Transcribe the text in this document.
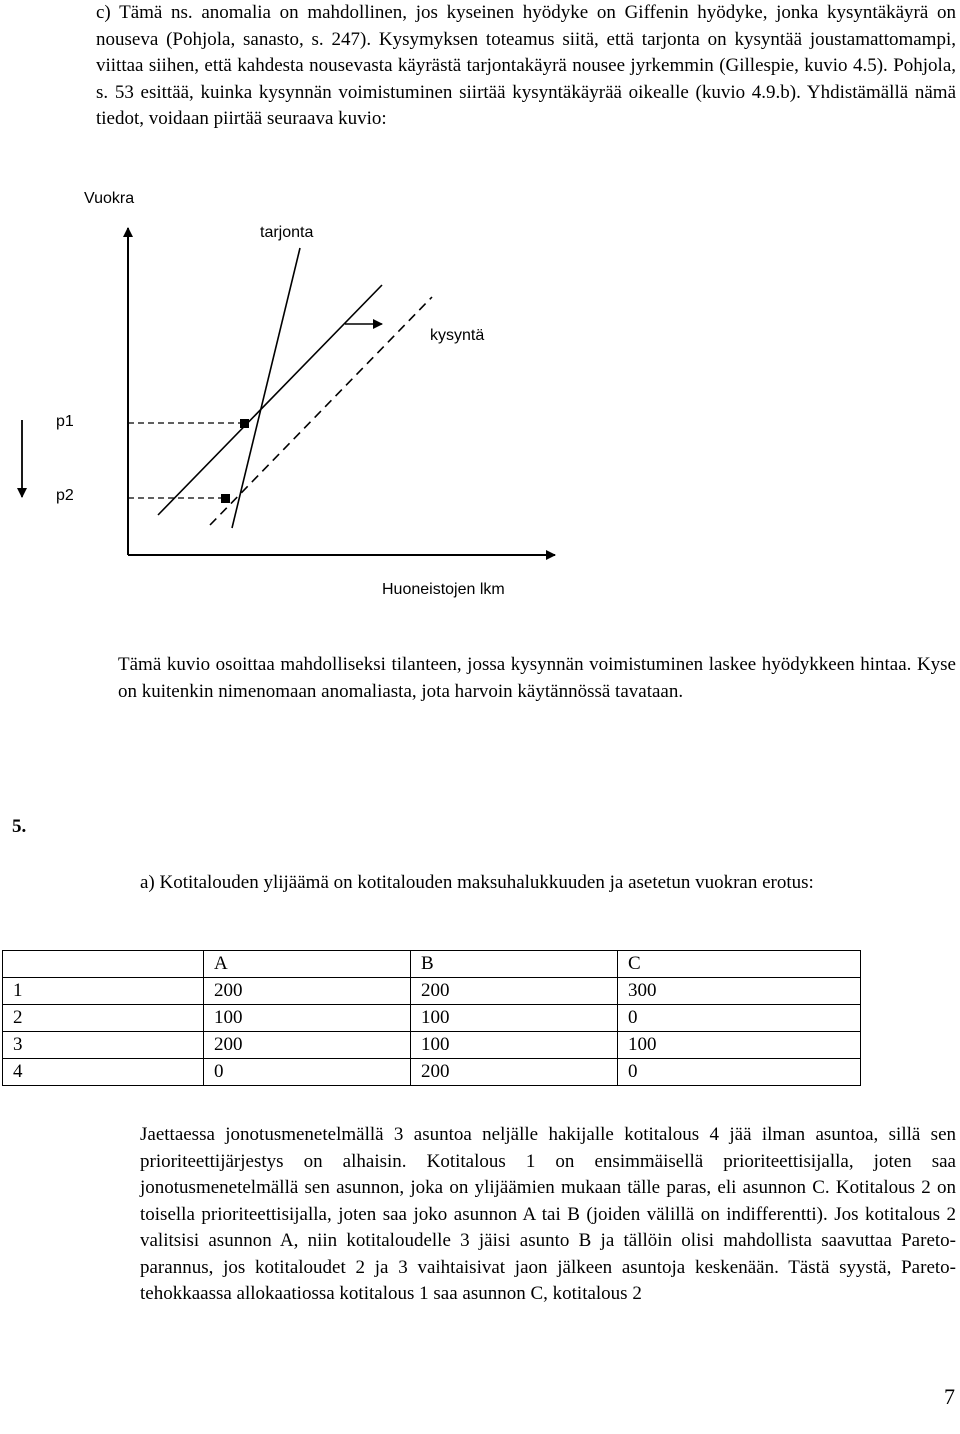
c) Tämä ns. anomalia on mahdollinen, jos kyseinen hyödyke on Giffenin hyödyke, jonka kysyntäkäyrä on nouseva (Pohjola, sanasto, s. 247). Kysymyksen toteamus siitä, että tarjonta on kysyntää joustamattomampi, viittaa siihen, että kahdesta nousevasta käyrästä tarjontakäyrä nousee jyrkemmin (Gillespie, kuvio 4.5). Pohjola, s. 53 esittää, kuinka kysynnän voimistuminen siirtää kysyntäkäyrää oikealle (kuvio 4.9.b). Yhdistämällä nämä tiedot, voidaan piirtää seuraava kuvio:

Vuokra
tarjonta
kysyntä
p1
p2
Huoneistojen lkm

Tämä kuvio osoittaa mahdolliseksi tilanteen, jossa kysynnän voimistuminen laskee hyödykkeen hintaa. Kyse on kuitenkin nimenomaan anomaliasta, jota harvoin käytännössä tavataan.

5.

a) Kotitalouden ylijäämä on kotitalouden maksuhalukkuuden ja asetetun vuokran erotus:

	A	B	C
1	200	200	300
2	100	100	0
3	200	100	100
4	0	200	0

Jaettaessa jonotusmenetelmällä 3 asuntoa neljälle hakijalle kotitalous 4 jää ilman asuntoa, sillä sen prioriteettijärjestys on alhaisin. Kotitalous 1 on ensimmäisellä prioriteettisijalla, joten saa jonotusmenetelmällä sen asunnon, joka on ylijäämien mukaan tälle paras, eli asunnon C. Kotitalous 2 on toisella prioriteettisijalla, joten saa joko asunnon A tai B (joiden välillä on indifferentti). Jos kotitalous 2 valitsisi asunnon A, niin kotitaloudelle 3 jäisi asunto B ja tällöin olisi mahdollista saavuttaa Pareto-parannus, jos kotitaloudet 2 ja 3 vaihtaisivat jaon jälkeen asuntoja keskenään. Tästä syystä, Pareto-tehokkaassa allokaatiossa kotitalous 1 saa asunnon C, kotitalous 2

7
